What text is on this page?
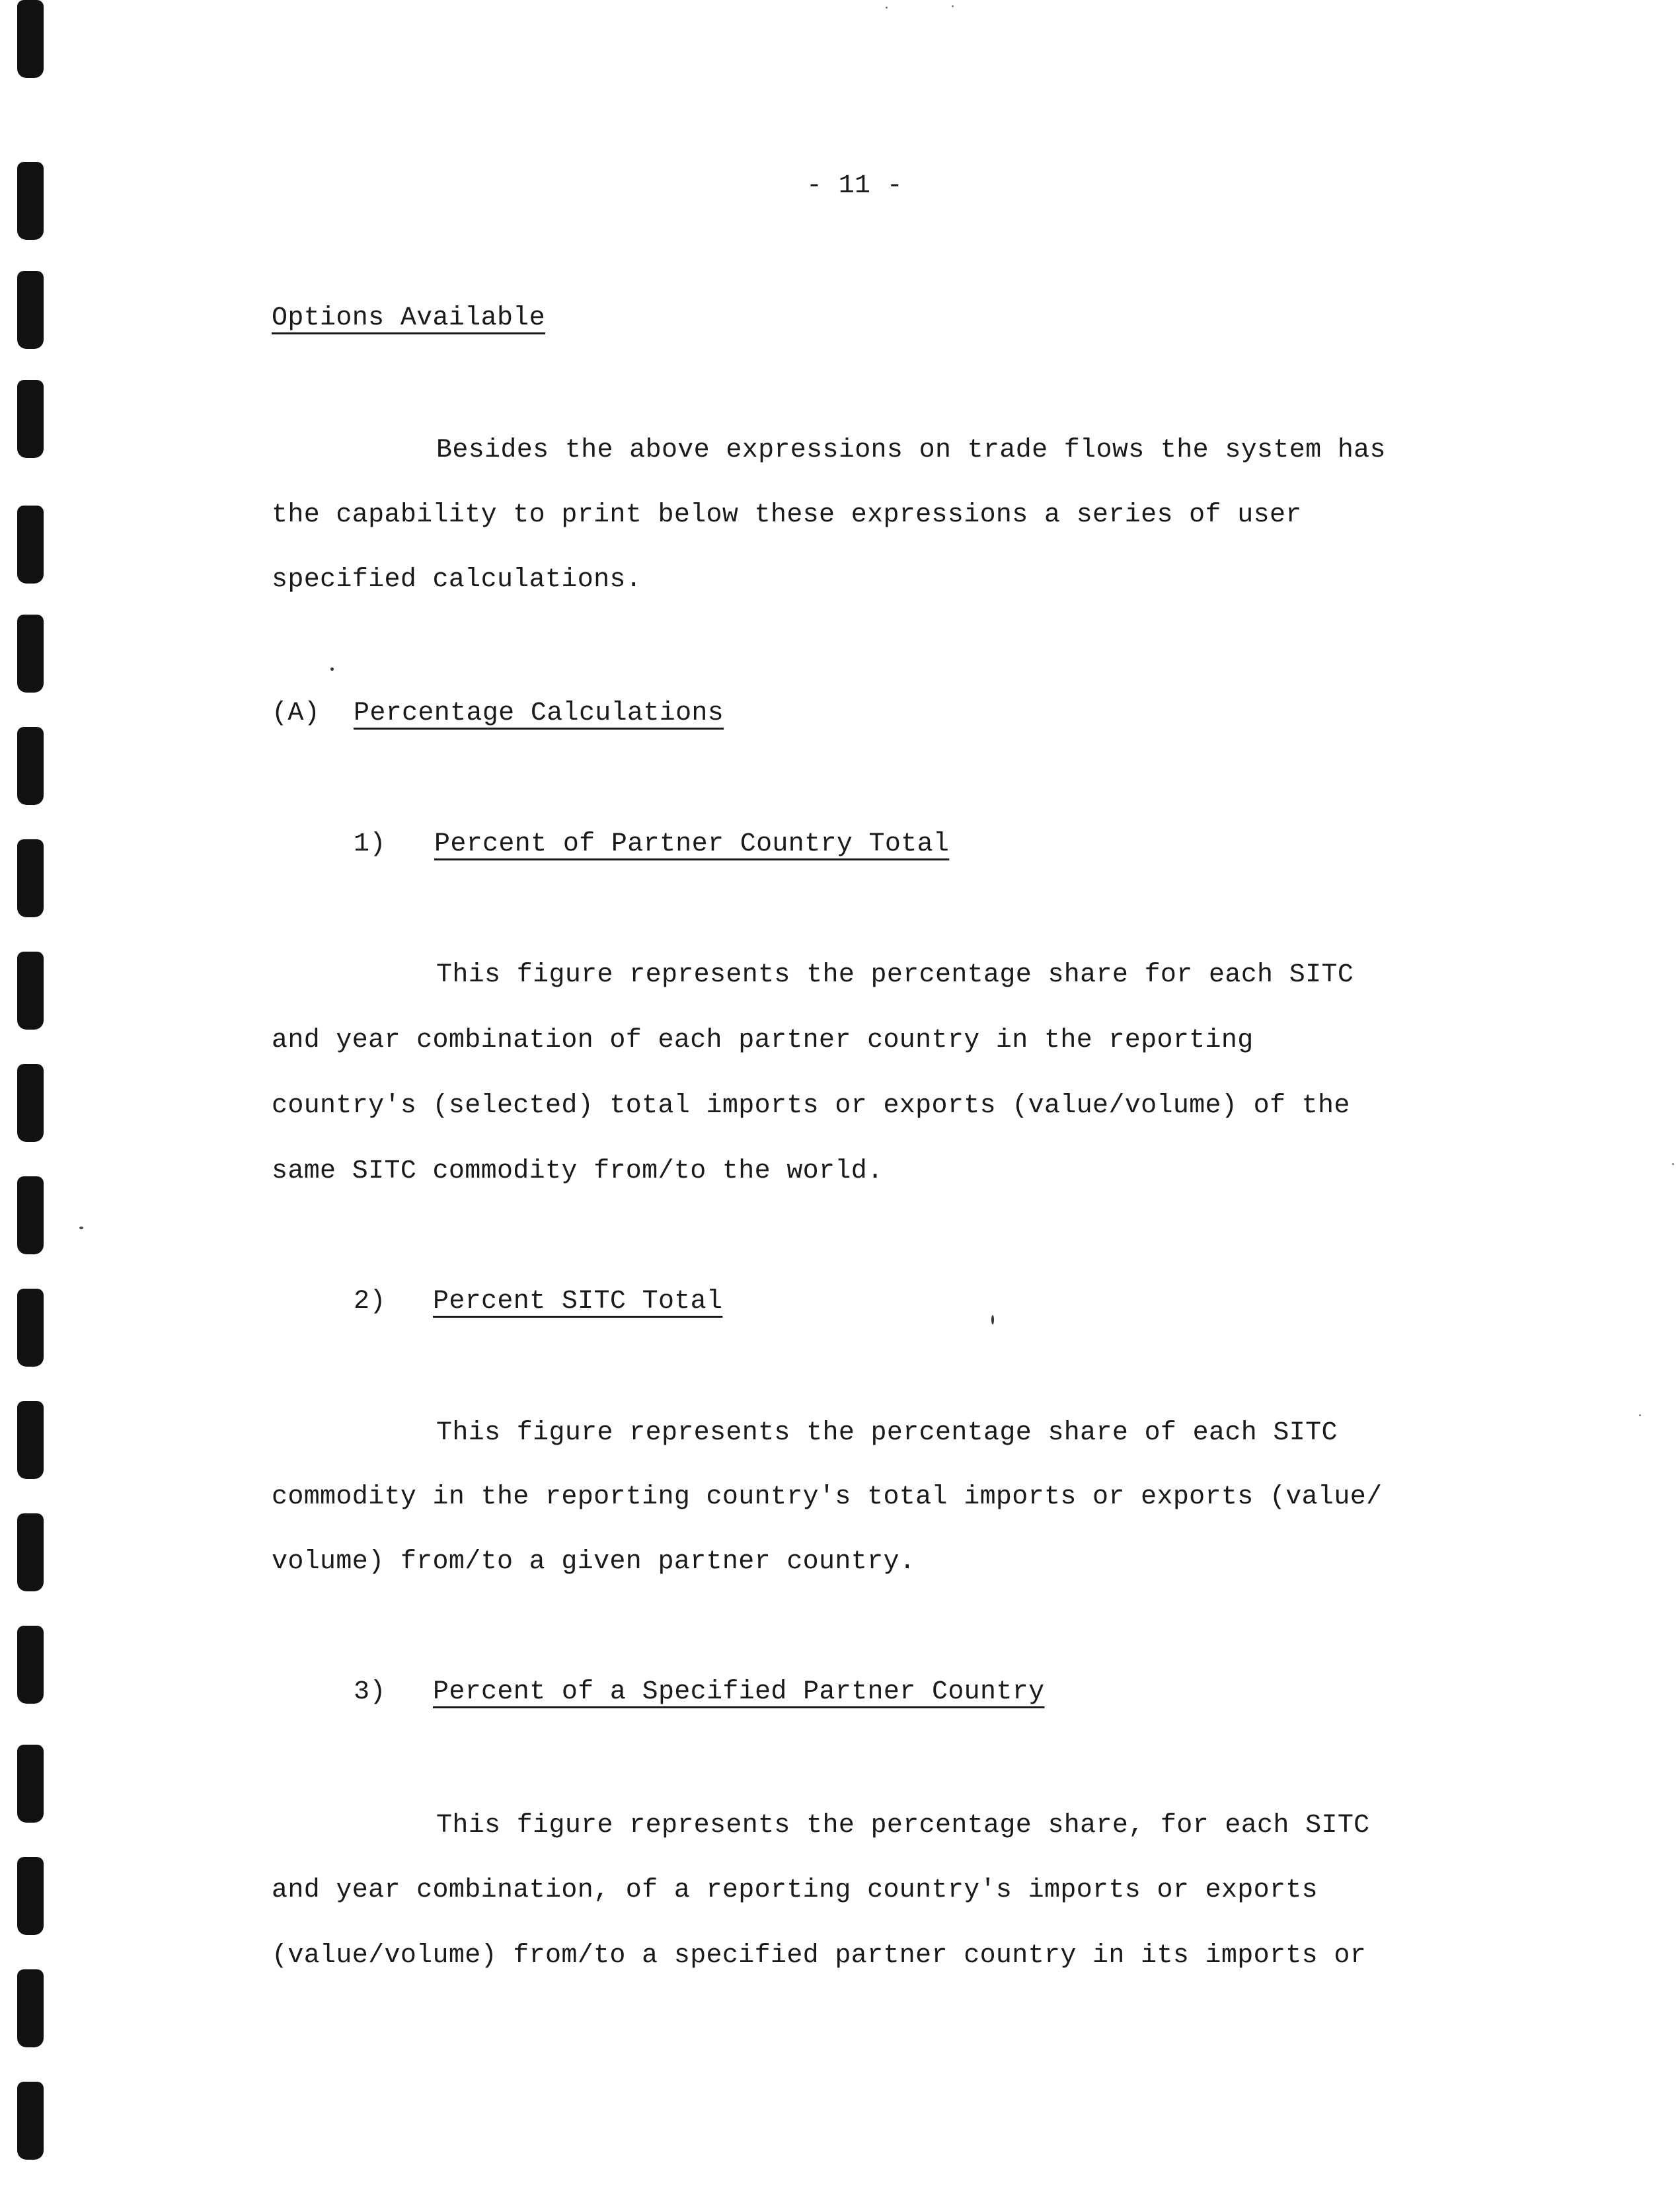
- 11 -
Options Available
Besides the above expressions on trade flows the system has
the capability to print below these expressions a series of user
specified calculations.
(A) Percentage Calculations
1) Percent of Partner Country Total
This figure represents the percentage share for each SITC
and year combination of each partner country in the reporting
country's (selected) total imports or exports (value/volume) of the
same SITC commodity from/to the world.
2) Percent SITC Total
This figure represents the percentage share of each SITC
commodity in the reporting country's total imports or exports (value/
volume) from/to a given partner country.
3) Percent of a Specified Partner Country
This figure represents the percentage share, for each SITC
and year combination, of a reporting country's imports or exports
(value/volume) from/to a specified partner country in its imports or
